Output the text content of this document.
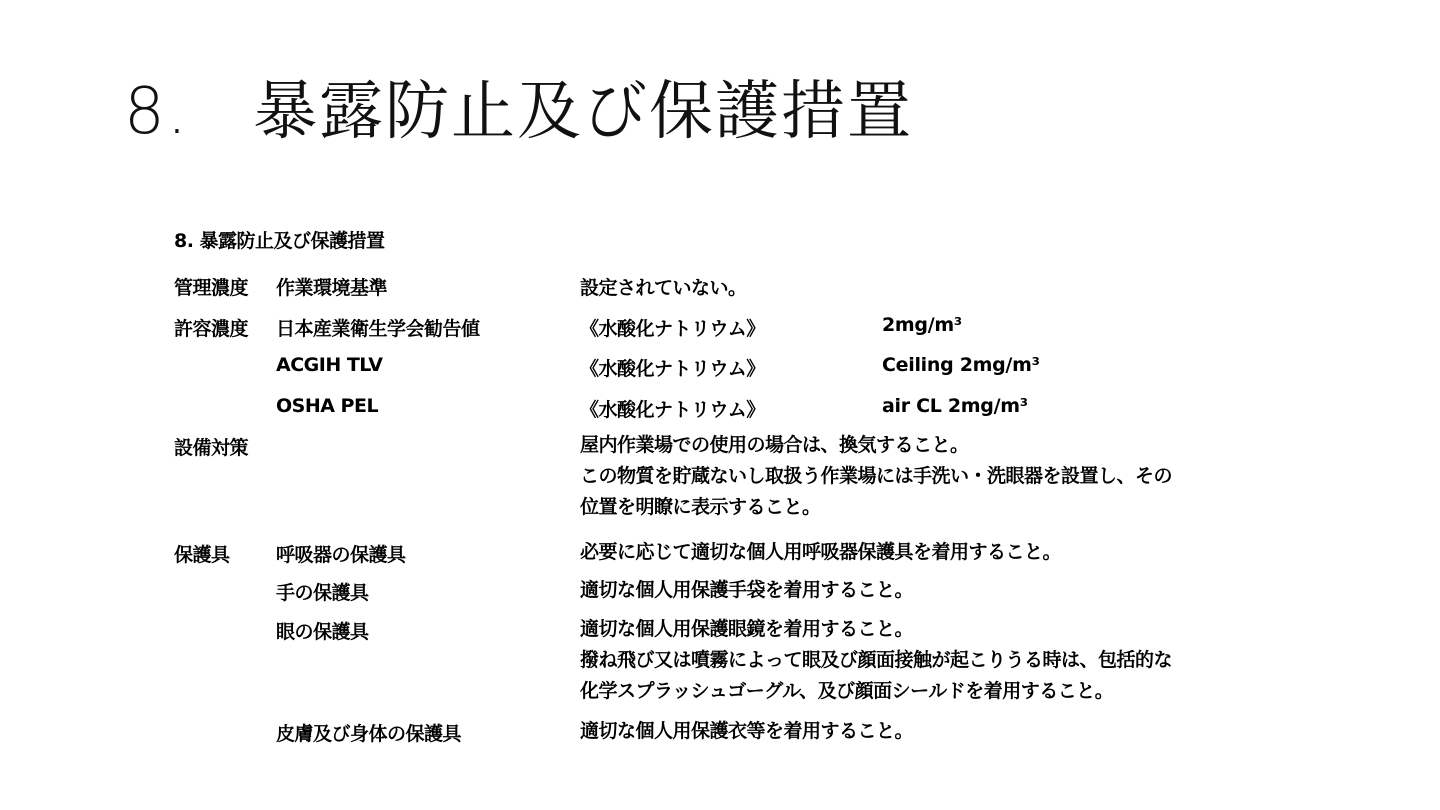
8. 暴露防止及び保護措置
8. 暴露防止及び保護措置
管理濃度 作業環境基準	設定されていない。
許容濃度 日本産業衛生学会勧告値	《水酸化ナトリウム》	2mg/m³
ACGIH TLV	《水酸化ナトリウム》	Ceiling 2mg/m³
OSHA PEL	《水酸化ナトリウム》	air CL 2mg/m³
設備対策	屋内作業場での使用の場合は、換気すること。
この物質を貯蔵ないし取扱う作業場には手洗い・洗眼器を設置し、その
位置を明瞭に表示すること。
保護具 呼吸器の保護具	必要に応じて適切な個人用呼吸器保護具を着用すること。
手の保護具	適切な個人用保護手袋を着用すること。
眼の保護具	適切な個人用保護眼鏡を着用すること。
撥ね飛び又は噴霧によって眼及び顔面接触が起こりうる時は、包括的な
化学スプラッシュゴーグル、及び顔面シールドを着用すること。
皮膚及び身体の保護具	適切な個人用保護衣等を着用すること。
